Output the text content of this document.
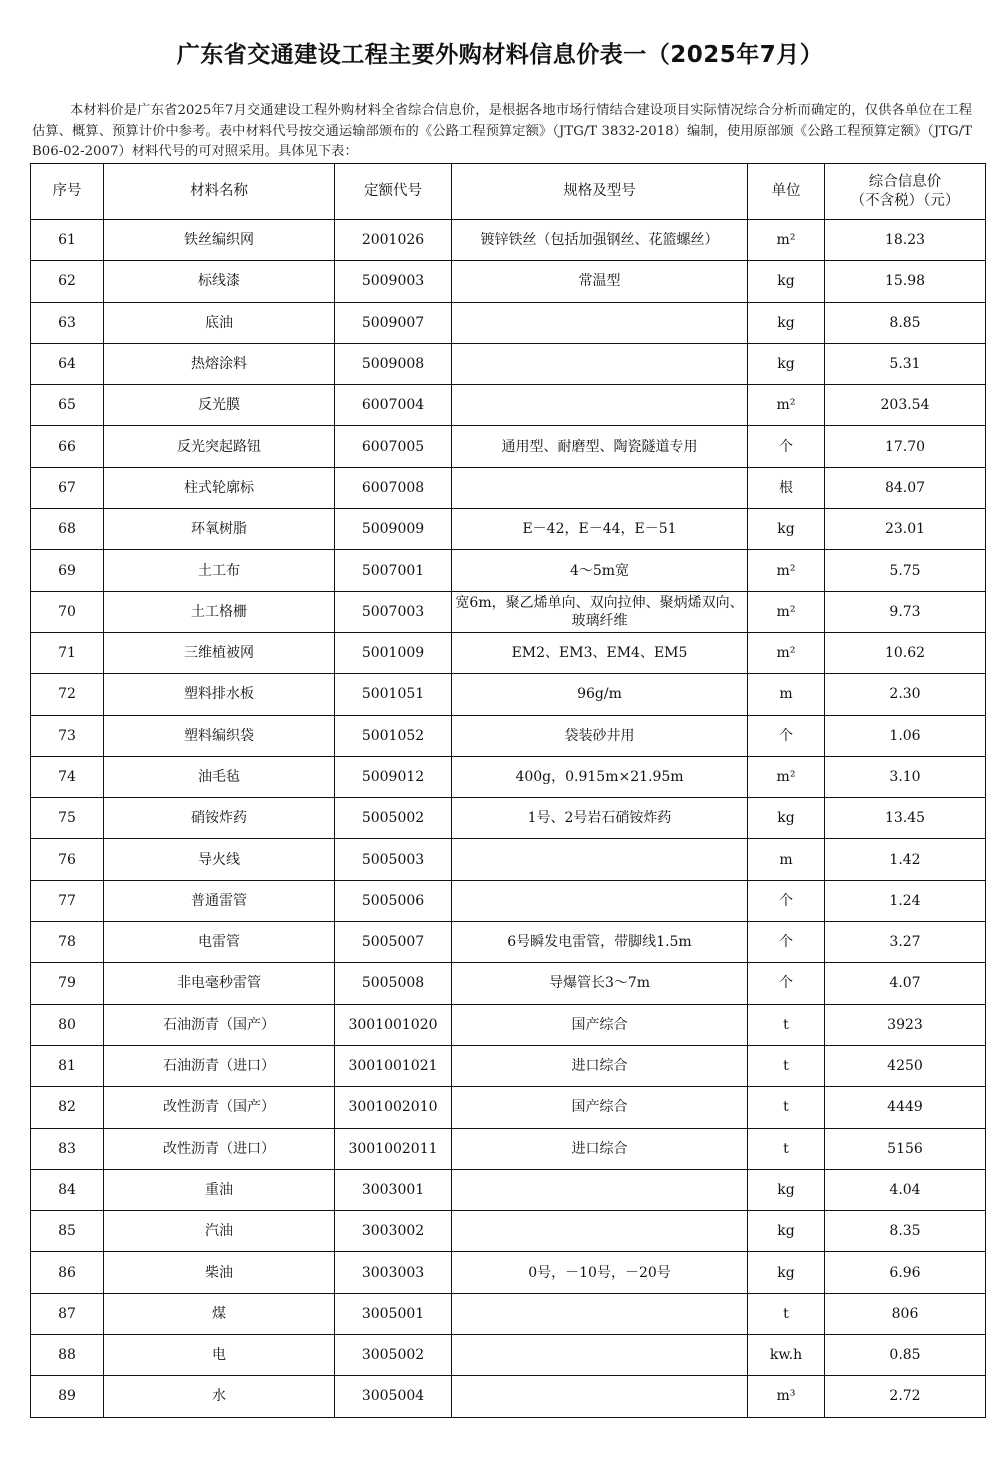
广东省交通建设工程主要外购材料信息价表一（2025年7月）

本材料价是广东省2025年7月交通建设工程外购材料全省综合信息价，是根据各地市场行情结合建设项目实际情况综合分析而确定的，仅供各单位在工程估算、概算、预算计价中参考。表中材料代号按交通运输部颁布的《公路工程预算定额》（JTG/T 3832-2018）编制，使用原部颁《公路工程预算定额》（JTG/T B06-02-2007）材料代号的可对照采用。具体见下表：

序号	材料名称	定额代号	规格及型号	单位	综合信息价
（不含税）（元）

61	铁丝编织网	2001026	镀锌铁丝（包括加强钢丝、花篮螺丝）	m²	18.23
62	标线漆	5009003	常温型	kg	15.98
63	底油	5009007		kg	8.85
64	热熔涂料	5009008		kg	5.31
65	反光膜	6007004		m²	203.54
66	反光突起路钮	6007005	通用型、耐磨型、陶瓷隧道专用	个	17.70
67	柱式轮廓标	6007008		根	84.07
68	环氧树脂	5009009	E－42，E－44，E－51	kg	23.01
69	土工布	5007001	4～5m宽	m²	5.75
70	土工格栅	5007003	宽6m，聚乙烯单向、双向拉伸、聚炳烯双向、玻璃纤维	m²	9.73
71	三维植被网	5001009	EM2、EM3、EM4、EM5	m²	10.62
72	塑料排水板	5001051	96g/m	m	2.30
73	塑料编织袋	5001052	袋装砂井用	个	1.06
74	油毛毡	5009012	400g，0.915m×21.95m	m²	3.10
75	硝铵炸药	5005002	1号、2号岩石硝铵炸药	kg	13.45
76	导火线	5005003		m	1.42
77	普通雷管	5005006		个	1.24
78	电雷管	5005007	6号瞬发电雷管，带脚线1.5m	个	3.27
79	非电毫秒雷管	5005008	导爆管长3～7m	个	4.07
80	石油沥青（国产）	3001001020	国产综合	t	3923
81	石油沥青（进口）	3001001021	进口综合	t	4250
82	改性沥青（国产）	3001002010	国产综合	t	4449
83	改性沥青（进口）	3001002011	进口综合	t	5156
84	重油	3003001		kg	4.04
85	汽油	3003002		kg	8.35
86	柴油	3003003	0号，－10号，－20号	kg	6.96
87	煤	3005001		t	806
88	电	3005002		kw.h	0.85
89	水	3005004		m³	2.72
